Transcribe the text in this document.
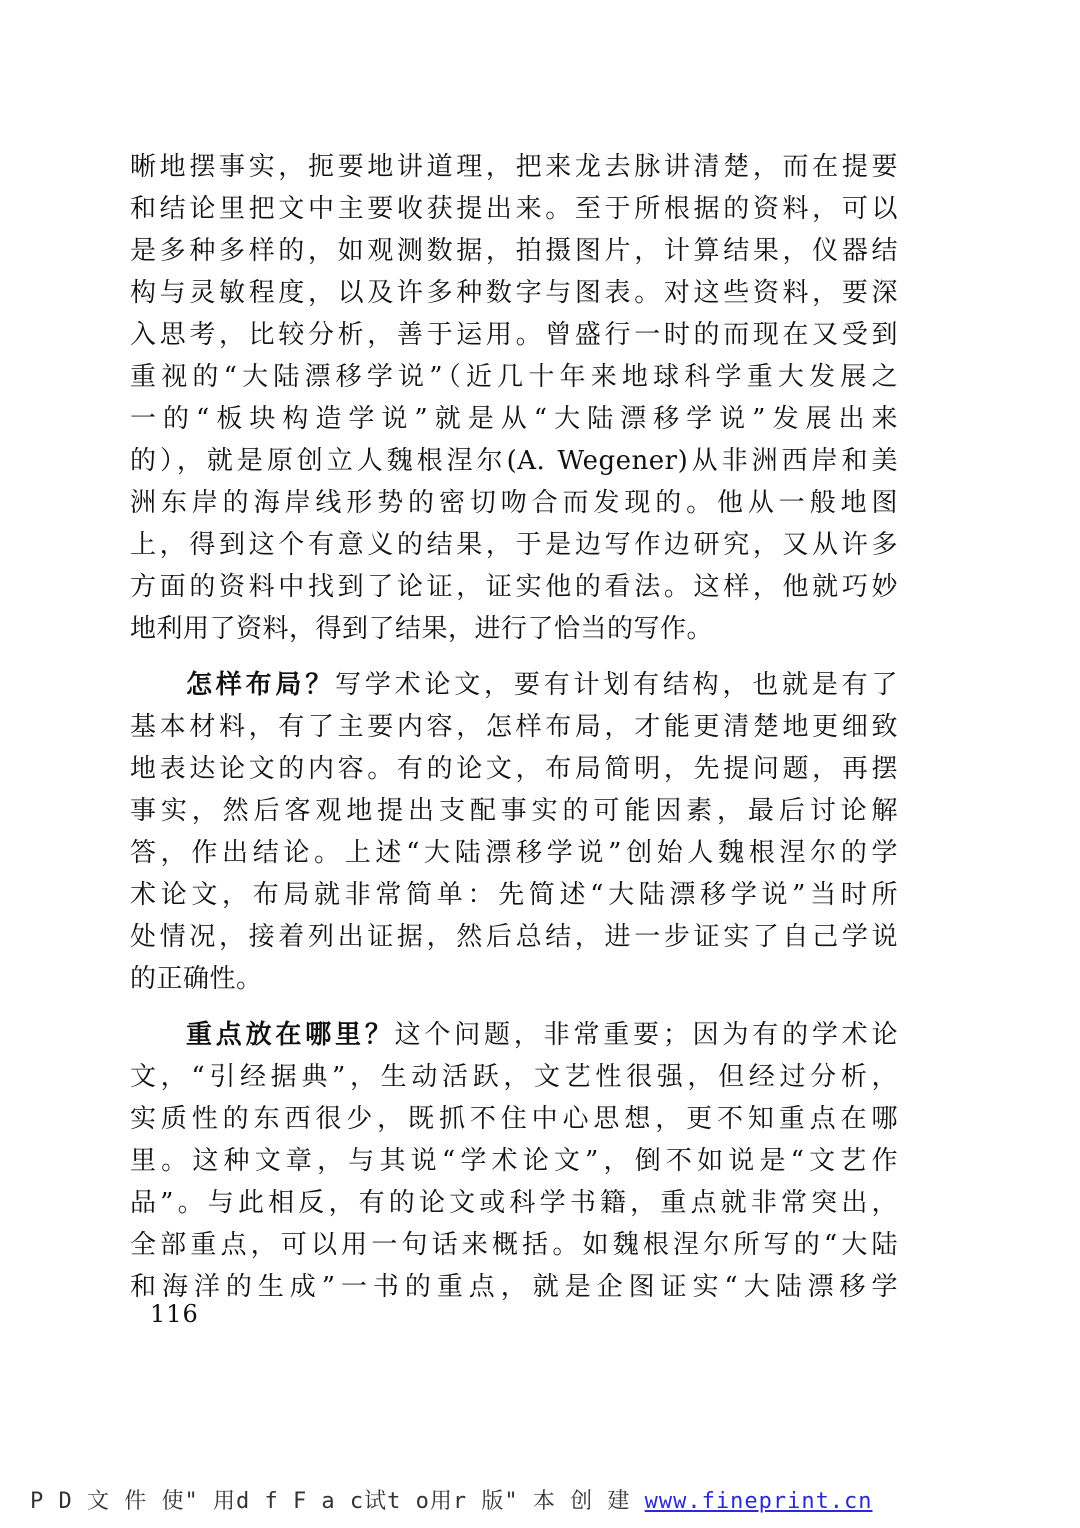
晰地摆事实，扼要地讲道理，把来龙去脉讲清楚，而在提要
和结论里把文中主要收获提出来。至于所根据的资料，可以
是多种多样的，如观测数据，拍摄图片，计算结果，仪器结
构与灵敏程度，以及许多种数字与图表。对这些资料，要深
入思考，比较分析，善于运用。曾盛行一时的而现在又受到
重视的“大陆漂移学说”（近几十年来地球科学重大发展之
一的“板块构造学说”就是从“大陆漂移学说”发展出来
的），就是原创立人魏根涅尔(A. Wegener)从非洲西岸和美
洲东岸的海岸线形势的密切吻合而发现的。他从一般地图
上，得到这个有意义的结果，于是边写作边研究，又从许多
方面的资料中找到了论证，证实他的看法。这样，他就巧妙
地利用了资料，得到了结果，进行了恰当的写作。
怎样布局？写学术论文，要有计划有结构，也就是有了
基本材料，有了主要内容，怎样布局，才能更清楚地更细致
地表达论文的内容。有的论文，布局简明，先提问题，再摆
事实，然后客观地提出支配事实的可能因素，最后讨论解
答，作出结论。上述“大陆漂移学说”创始人魏根涅尔的学
术论文，布局就非常简单：先简述“大陆漂移学说”当时所
处情况，接着列出证据，然后总结，进一步证实了自己学说
的正确性。
重点放在哪里？这个问题，非常重要；因为有的学术论
文，“引经据典”，生动活跃，文艺性很强，但经过分析，
实质性的东西很少，既抓不住中心思想，更不知重点在哪
里。这种文章，与其说“学术论文”，倒不如说是“文艺作
品”。与此相反，有的论文或科学书籍，重点就非常突出，
全部重点，可以用一句话来概括。如魏根涅尔所写的“大陆
和海洋的生成”一书的重点，就是企图证实“大陆漂移学
116
P D 文 件 使" 用d f F a c试t o用r 版" 本 创 建 www.fineprint.cn
